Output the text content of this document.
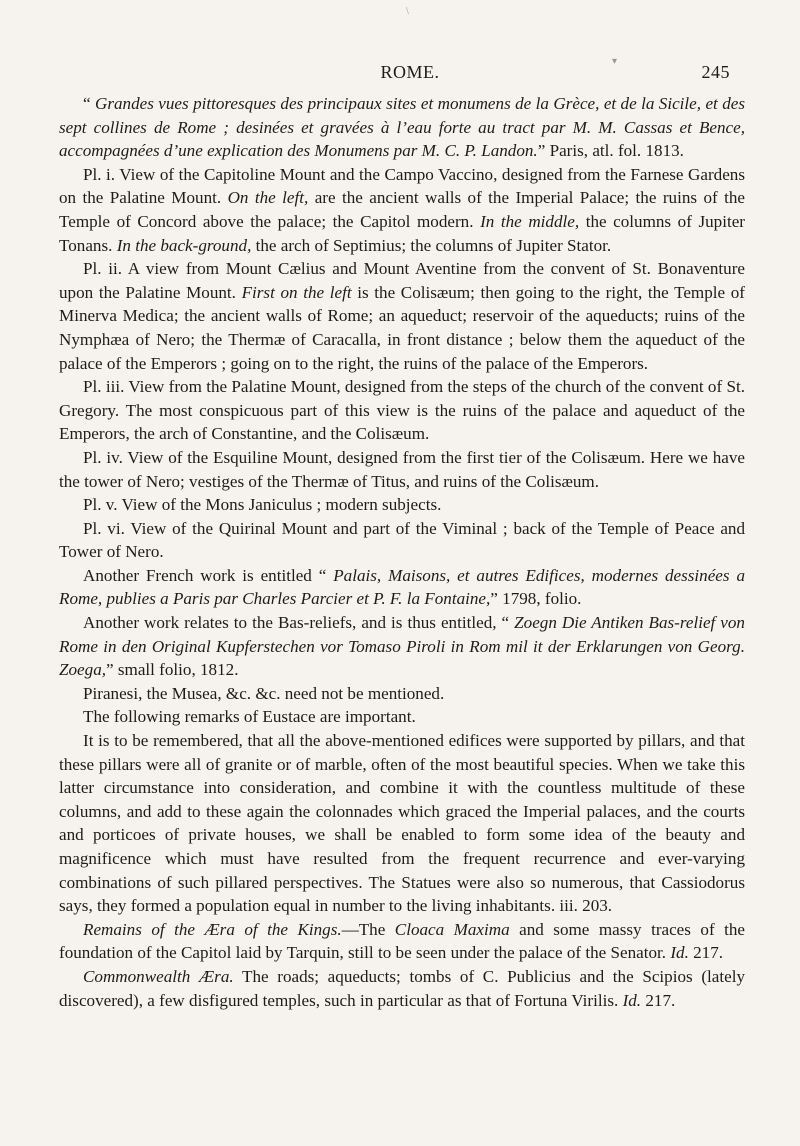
\
▾
ROME.	245

“ Grandes vues pittoresques des principaux sites et monumens de la Grèce, et de la Sicile, et des sept collines de Rome ; desinées et gravées à l’eau forte au tract par M. M. Cassas et Bence, accompagnées d’une explication des Monumens par M. C. P. Landon.” Paris, atl. fol. 1813.

Pl. i. View of the Capitoline Mount and the Campo Vaccino, designed from the Farnese Gardens on the Palatine Mount. On the left, are the ancient walls of the Imperial Palace; the ruins of the Temple of Concord above the palace; the Capitol modern. In the middle, the columns of Jupiter Tonans. In the back-ground, the arch of Septimius; the columns of Jupiter Stator.

Pl. ii. A view from Mount Cælius and Mount Aventine from the convent of St. Bonaventure upon the Palatine Mount. First on the left is the Colisæum; then going to the right, the Temple of Minerva Medica; the ancient walls of Rome; an aqueduct; reservoir of the aqueducts; ruins of the Nymphæa of Nero; the Thermæ of Caracalla, in front distance ; below them the aqueduct of the palace of the Emperors ; going on to the right, the ruins of the palace of the Emperors.

Pl. iii. View from the Palatine Mount, designed from the steps of the church of the convent of St. Gregory. The most conspicuous part of this view is the ruins of the palace and aqueduct of the Emperors, the arch of Constantine, and the Colisæum.

Pl. iv. View of the Esquiline Mount, designed from the first tier of the Colisæum. Here we have the tower of Nero; vestiges of the Thermæ of Titus, and ruins of the Colisæum.

Pl. v. View of the Mons Janiculus ; modern subjects.

Pl. vi. View of the Quirinal Mount and part of the Viminal ; back of the Temple of Peace and Tower of Nero.

Another French work is entitled “ Palais, Maisons, et autres Edifices, modernes dessinées a Rome, publies a Paris par Charles Parcier et P. F. la Fontaine,” 1798, folio.

Another work relates to the Bas-reliefs, and is thus entitled, “ Zoegn Die Antiken Bas-relief von Rome in den Original Kupferstechen vor Tomaso Piroli in Rom mil it der Erklarungen von Georg. Zoega,” small folio, 1812.

Piranesi, the Musea, &c. &c. need not be mentioned.

The following remarks of Eustace are important.

It is to be remembered, that all the above-mentioned edifices were supported by pillars, and that these pillars were all of granite or of marble, often of the most beautiful species. When we take this latter circumstance into consideration, and combine it with the countless multitude of these columns, and add to these again the colonnades which graced the Imperial palaces, and the courts and porticoes of private houses, we shall be enabled to form some idea of the beauty and magnificence which must have resulted from the frequent recurrence and ever-varying combinations of such pillared perspectives. The Statues were also so numerous, that Cassiodorus says, they formed a population equal in number to the living inhabitants. iii. 203.

Remains of the Æra of the Kings.—The Cloaca Maxima and some massy traces of the foundation of the Capitol laid by Tarquin, still to be seen under the palace of the Senator. Id. 217.

Commonwealth Æra. The roads; aqueducts; tombs of C. Publicius and the Scipios (lately discovered), a few disfigured temples, such in particular as that of Fortuna Virilis. Id. 217.
